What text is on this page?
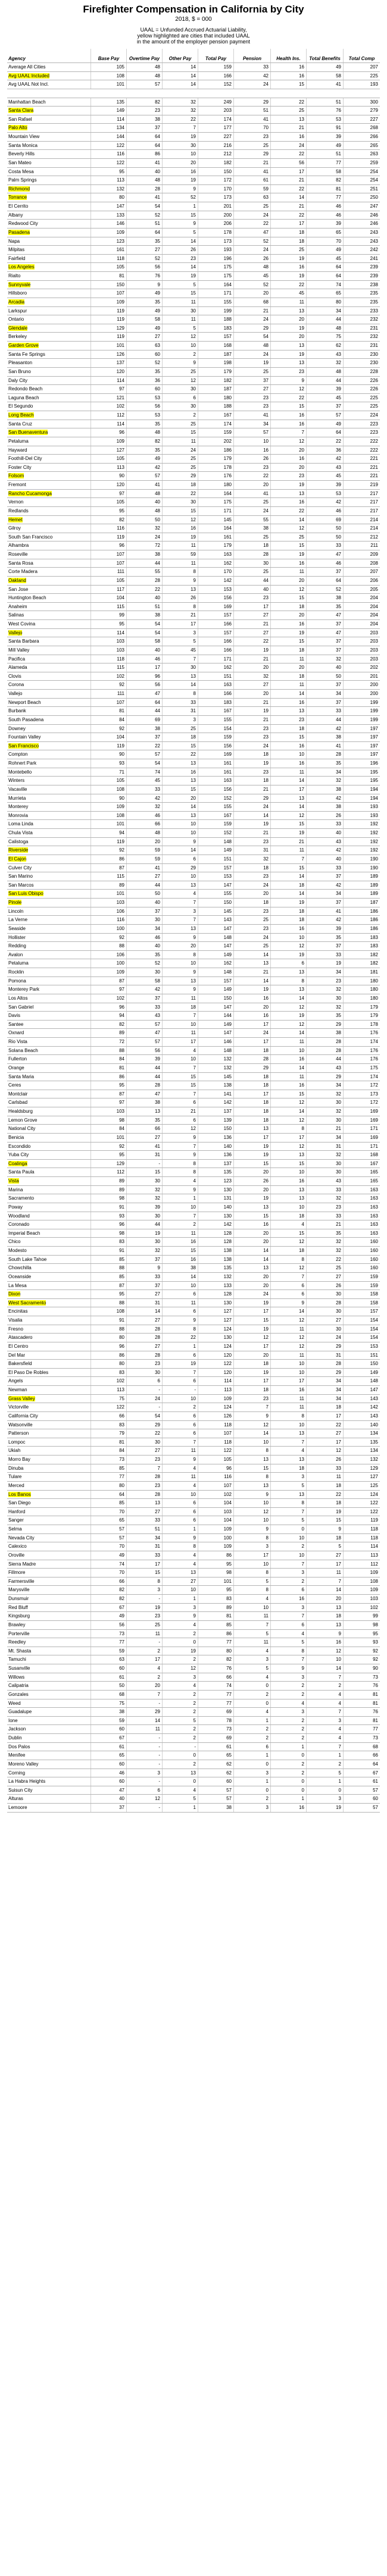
Firefighter Compensation in California by City
2018, $ = 000
UAAL = Unfunded Accrued Actuarial Liability,
yellow highlighted are cities that included UAAL
in the amount of the employer pension payment
Agency	Base Pay	Overtime Pay	Other Pay	Total Pay	Pension	Health Ins.	Total Benefits	Total Comp
Average All Cities	105	48	14	159	33	16	49	207
Avg UAAL Included	108	48	14	166	42	16	58	225
Avg UAAL Not Incl.	101	57	14	152	24	15	41	193
Manhattan Beach	135	82	32	249	29	22	51	300
Santa Clara	149	23	32	203	51	25	76	279
San Rafael	114	38	22	174	41	13	53	227
Palo Alto	134	37	7	177	70	21	91	268
Mountain View	144	64	19	227	23	16	39	266
Santa Monica	122	64	30	216	25	24	49	265
Beverly Hills	116	86	10	212	29	22	51	263
San Mateo	122	41	20	182	21	56	77	259
Costa Mesa	95	40	16	150	41	17	58	254
Palm Springs	113	48	19	172	61	21	82	254
Richmond	132	28	9	170	59	22	81	251
Torrance	80	41	52	173	63	14	77	250
El Cerrito	147	54	1	201	25	21	46	247
Albany	133	52	15	200	24	22	46	246
Redwood City	146	51	9	206	22	17	39	246
Pasadena	109	64	5	178	47	18	65	243
Napa	123	35	14	173	52	18	70	243
Milpitas	161	27	26	193	24	25	49	242
Fairfield	118	52	23	196	26	19	45	241
Los Angeles	105	56	14	175	48	16	64	239
Rialto	81	76	19	175	45	19	64	239
Sunnyvale	150	9	5	164	52	22	74	238
Hillsboro	107	49	15	171	20	45	65	235
Arcadia	109	35	11	155	68	11	80	235
Larkspur	119	49	30	199	21	13	34	233
Ontario	119	58	11	188	24	20	44	232
Glendale	129	49	5	183	29	19	48	231
Berkeley	119	27	12	157	54	20	75	232
Garden Grove	101	63	10	168	48	13	62	231
Santa Fe Springs	126	60	2	187	24	19	43	230
Pleasanton	137	52	9	198	19	13	32	230
San Bruno	120	35	25	179	25	23	48	228
Daly City	114	36	12	182	37	9	44	226
Redondo Beach	97	60	30	187	27	12	39	226
Laguna Beach	121	53	6	180	23	22	45	225
El Segundo	102	56	30	188	23	15	37	225
Long Beach	112	53	2	167	41	16	57	224
Santa Cruz	114	35	25	174	34	16	49	223
San Buenaventura	96	48	15	159	57	7	64	223
Petaluma	109	82	11	202	10	12	22	222
Hayward	127	35	24	186	16	20	36	222
Foothill-Del City	105	49	25	179	26	16	42	221
Foster City	113	42	25	178	23	20	43	221
Folsom	90	57	29	176	22	23	45	221
Fremont	120	41	18	180	20	19	39	219
Rancho Cucamonga	97	48	22	164	41	13	53	217
Vernon	105	40	30	175	25	16	42	217
Redlands	95	48	15	171	24	22	46	217
Hemet	82	50	12	145	55	14	69	214
Gilroy	116	32	16	164	38	12	50	214
South San Francisco	119	24	19	161	25	25	50	212
Alhambra	96	72	11	179	18	15	33	211
Roseville	107	38	59	163	28	19	47	209
Santa Rosa	107	44	11	162	30	16	46	208
Corte Madera	111	55	8	170	25	11	37	207
Oakland	105	28	9	142	44	20	64	206
San Jose	117	22	13	153	40	12	52	205
Huntington Beach	104	40	26	156	23	15	38	204
Anaheim	115	51	8	169	17	18	35	204
Salinas	99	38	21	157	27	20	47	204
West Covina	95	54	17	166	21	16	37	204
Vallejo	114	54	3	157	27	19	47	203
Santa Barbara	103	58	5	166	22	15	37	203
Mill Valley	103	40	45	166	19	18	37	203
Pacifica	118	46	7	171	21	11	32	203
Alameda	115	17	30	162	20	20	40	202
Clovis	102	96	13	151	32	18	50	201
Corona	92	56	14	163	27	11	37	200
Vallejo	111	47	8	166	20	14	34	200
Newport Beach	107	64	33	183	21	16	37	199
Burbank	81	44	31	167	19	13	33	199
South Pasadena	84	69	3	155	21	23	44	199
Downey	92	38	25	154	23	18	42	197
Fountain Valley	104	37	18	159	23	15	38	197
San Francisco	119	22	15	156	24	16	41	197
Compton	90	57	22	169	18	10	28	197
Rohnert Park	93	54	13	161	19	16	35	196
Montebello	71	74	16	161	23	11	34	195
Winters	105	45	13	163	18	14	32	195
Vacaville	108	33	15	156	21	17	38	194
Murrieta	90	42	20	152	29	13	42	194
Monterey	109	32	14	155	24	14	38	193
Monrovia	108	46	13	167	14	12	26	193
Loma Linda	101	66	10	159	19	15	33	192
Chula Vista	94	48	10	152	21	19	40	192
Calistoga	119	20	9	148	23	21	43	192
Riverside	92	59	14	149	31	11	42	192
El Cajon	86	59	6	151	32	7	40	190
Culver City	87	41	29	157	18	15	33	190
San Marino	115	27	10	153	23	14	37	189
San Marcos	89	44	13	147	24	18	42	189
San Luis Obispo	101	50	4	155	20	14	34	189
Pinole	103	40	7	150	18	19	37	187
Lincoln	106	37	3	145	23	18	41	186
La Verne	116	30	7	143	25	18	42	186
Seaside	100	34	13	147	23	16	39	186
Hollister	92	46	9	148	24	10	35	183
Redding	88	40	20	147	25	12	37	183
Avalon	106	35	8	149	14	19	33	182
Petaluma	100	52	10	162	13	6	19	182
Rocklin	109	30	9	148	21	13	34	181
Pomona	87	58	13	157	14	8	23	180
Monterey Park	97	42	9	149	19	13	32	180
Los Altos	102	37	11	150	16	14	30	180
San Gabriel	96	33	18	147	20	12	32	179
Davis	94	43	7	144	16	19	35	179
Santee	82	57	10	149	17	12	29	178
Oxnard	89	47	11	147	24	14	38	176
Rio Vista	72	57	17	146	17	11	28	174
Solana Beach	88	56	4	148	18	10	28	176
Fullerton	84	39	10	132	28	16	44	176
Orange	81	44	7	132	29	14	43	175
Santa Maria	86	44	15	145	18	11	29	174
Ceres	95	28	15	138	18	16	34	172
Montclair	87	47	7	141	17	15	32	173
Carlsbad	97	38	6	142	18	12	30	172
Healdsburg	103	13	21	137	18	14	32	169
Lemon Grove	98	35	6	139	18	12	30	169
National City	84	66	12	150	13	8	21	171
Benicia	101	27	9	136	17	17	34	169
Escondido	92	41	7	140	19	12	31	171
Yuba City	95	31	9	136	19	13	32	168
Coalinga	129	-	8	137	15	15	30	167
Santa Paula	112	15	8	135	20	10	30	165
Vista	89	30	4	123	26	16	43	165
Marina	89	32	9	130	20	13	33	163
Sacramento	98	32	1	131	19	13	32	163
Poway	91	39	10	140	13	10	23	163
Woodland	93	30	7	130	15	18	33	163
Coronado	96	44	2	142	16	4	21	163
Imperial Beach	98	19	11	128	20	15	35	163
Chico	83	30	16	128	20	12	32	160
Modesto	91	32	15	138	14	18	32	160
South Lake Tahoe	85	37	16	138	14	8	22	160
Chowchilla	88	9	38	135	13	12	25	160
Oceanside	85	33	14	132	20	7	27	159
La Mesa	87	37	10	133	20	6	26	159
Dixon	95	27	6	128	24	6	30	158
West Sacramento	88	31	11	130	19	9	28	158
Encinitas	108	14	6	127	17	14	30	157
Visalia	91	27	9	127	15	12	27	154
Fresno	88	28	8	124	19	11	30	154
Atascadero	80	28	22	130	12	12	24	154
El Centro	96	27	1	124	17	12	29	153
Del Mar	86	28	6	120	20	11	31	151
Bakersfield	80	23	19	122	18	10	28	150
El Paso De Robles	83	30	7	120	19	10	29	149
Angels	102	6	6	114	17	17	34	148
Newman	113	-	-	113	18	16	34	147
Grass Valley	75	24	10	109	23	11	34	143
Victorville	122	-	2	124	7	11	18	142
California City	66	54	6	126	9	8	17	143
Watsonville	83	29	6	118	12	10	22	140
Patterson	79	22	6	107	14	13	27	134
Lompoc	81	30	7	118	10	7	17	135
Ukiah	84	27	11	122	8	4	12	134
Morro Bay	73	23	9	105	13	13	26	132
Dinuba	85	7	4	96	15	18	33	129
Tulare	77	28	11	116	8	3	11	127
Merced	80	23	4	107	13	5	18	125
Los Banos	64	28	10	102	9	13	22	124
San Diego	85	13	6	104	10	8	18	122
Hanford	70	27	6	103	12	7	19	122
Sanger	65	33	6	104	10	5	15	119
Selma	57	51	1	109	9	0	9	118
Nevada City	57	34	9	100	8	10	18	118
Calexico	70	31	8	109	3	2	5	114
Oroville	49	33	4	86	17	10	27	113
Sierra Madre	74	17	4	95	10	7	17	112
Fillmore	70	15	13	98	8	3	11	109
Farmersville	66	8	27	101	5	2	7	108
Marysville	82	3	10	95	8	6	14	109
Dunsmuir	82	-	1	83	4	16	20	103
Red Bluff	67	19	3	89	10	3	13	102
Kingsburg	49	23	9	81	11	7	18	99
Brawley	56	25	4	85	7	6	13	98
Porterville	73	11	2	86	5	4	9	95
Reedley	77	-	0	77	11	5	16	93
Mt. Shasta	59	2	19	80	4	8	12	92
Tamuchi	63	17	2	82	3	7	10	92
Susanville	60	4	12	76	5	9	14	90
Willows	61	2	3	66	4	3	7	73
Calipatria	50	20	4	74	0	2	2	76
Gonzales	68	7	2	77	2	2	4	81
Weed	75	-	2	77	0	4	4	81
Guadalupe	38	29	2	69	4	3	7	76
Ione	59	14	5	78	1	2	3	81
Jackson	60	11	2	73	2	2	4	77
Dublin	67	-	2	69	2	2	4	73
Dos Palos	61	-	-	61	6	1	7	68
Menifee	65	-	0	65	1	0	1	66
Moreno Valley	60	-	2	62	0	2	2	64
Corning	46	3	13	62	3	2	5	67
La Habra Heights	60	-	0	60	1	0	1	61
Suisun City	47	6	4	57	0	0	0	57
Alturas	40	12	5	57	2	1	3	60
Lemoore	37	-	1	38	3	16	19	57
